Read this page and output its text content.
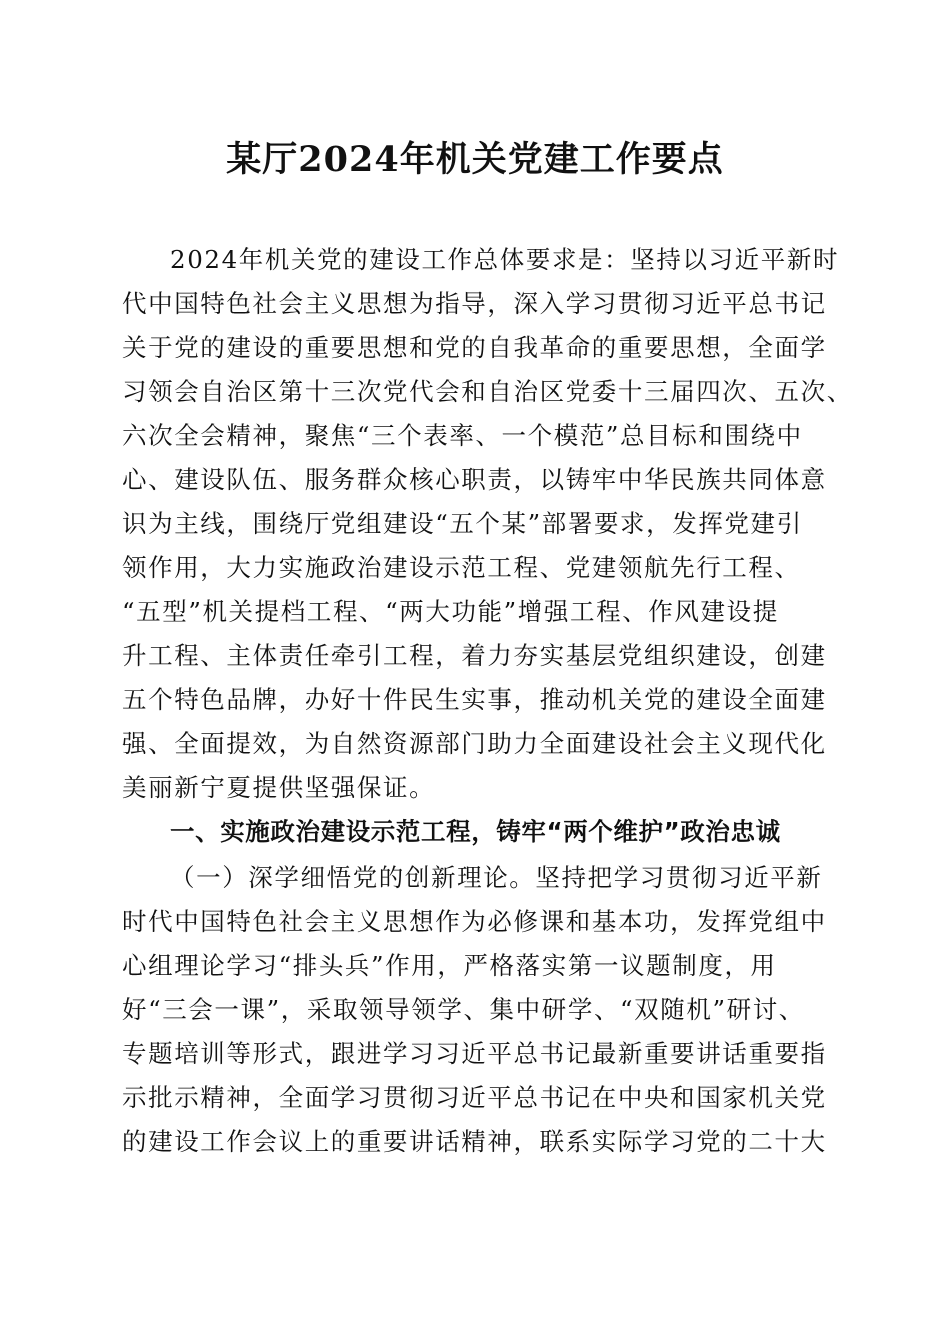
某厅2024年机关党建工作要点
2024年机关党的建设工作总体要求是：坚持以习近平新时
代中国特色社会主义思想为指导，深入学习贯彻习近平总书记
关于党的建设的重要思想和党的自我革命的重要思想，全面学
习领会自治区第十三次党代会和自治区党委十三届四次、五次、
六次全会精神，聚焦“三个表率、一个模范”总目标和围绕中
心、建设队伍、服务群众核心职责，以铸牢中华民族共同体意
识为主线，围绕厅党组建设“五个某”部署要求，发挥党建引
领作用，大力实施政治建设示范工程、党建领航先行工程、
“五型”机关提档工程、“两大功能”增强工程、作风建设提
升工程、主体责任牵引工程，着力夯实基层党组织建设，创建
五个特色品牌，办好十件民生实事，推动机关党的建设全面建
强、全面提效，为自然资源部门助力全面建设社会主义现代化
美丽新宁夏提供坚强保证。
一、实施政治建设示范工程，铸牢“两个维护”政治忠诚
（一）深学细悟党的创新理论。坚持把学习贯彻习近平新
时代中国特色社会主义思想作为必修课和基本功，发挥党组中
心组理论学习“排头兵”作用，严格落实第一议题制度，用
好“三会一课”，采取领导领学、集中研学、“双随机”研讨、
专题培训等形式，跟进学习习近平总书记最新重要讲话重要指
示批示精神，全面学习贯彻习近平总书记在中央和国家机关党
的建设工作会议上的重要讲话精神，联系实际学习党的二十大
